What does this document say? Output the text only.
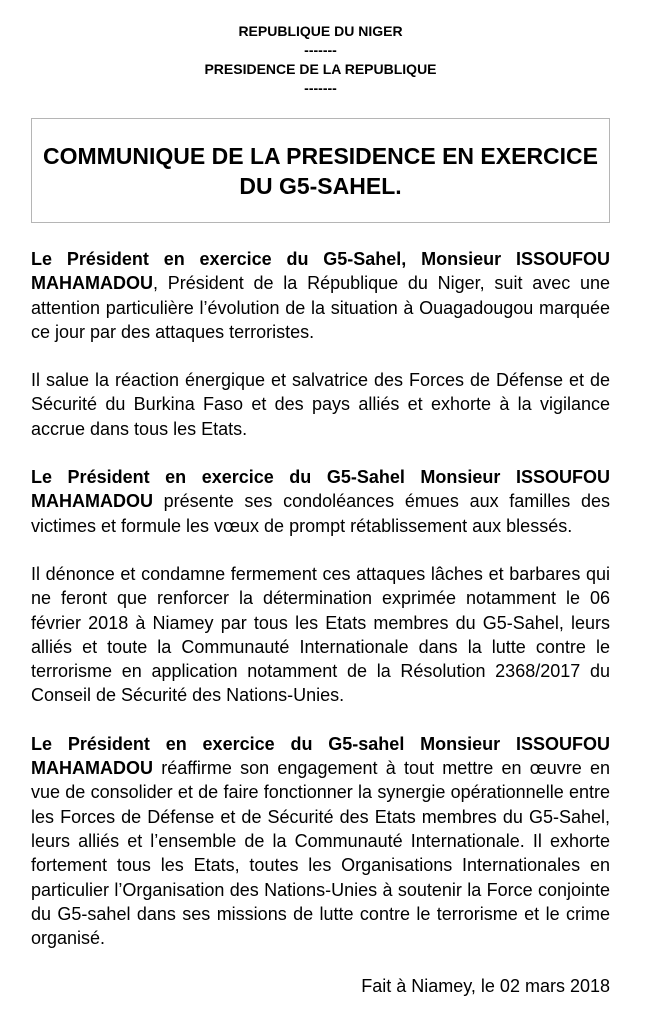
REPUBLIQUE DU NIGER
-------
PRESIDENCE DE LA REPUBLIQUE
-------
COMMUNIQUE DE LA PRESIDENCE EN EXERCICE
DU G5-SAHEL.

Le Président en exercice du G5-Sahel, Monsieur ISSOUFOU MAHAMADOU, Président de la République du Niger, suit avec une attention particulière l’évolution de la situation à Ouagadougou marquée ce jour par des attaques terroristes.

Il salue la réaction énergique et salvatrice des Forces de Défense et de Sécurité du Burkina Faso et des pays alliés et exhorte à la vigilance accrue dans tous les Etats.

Le Président en exercice du G5-Sahel Monsieur ISSOUFOU MAHAMADOU présente ses condoléances émues aux familles des victimes et formule les vœux de prompt rétablissement aux blessés.

Il dénonce et condamne fermement ces attaques lâches et barbares qui ne feront que renforcer la détermination exprimée notamment le 06 février 2018 à Niamey par tous les Etats membres du G5-Sahel, leurs alliés et toute la Communauté Internationale dans la lutte contre le terrorisme en application notamment de la Résolution 2368/2017 du Conseil de Sécurité des Nations-Unies.

Le Président en exercice du G5-sahel Monsieur ISSOUFOU MAHAMADOU réaffirme son engagement à tout mettre en œuvre en vue de consolider et de faire fonctionner la synergie opérationnelle entre les Forces de Défense et de Sécurité des Etats membres du G5-Sahel, leurs alliés et l’ensemble de la Communauté Internationale. Il exhorte fortement tous les Etats, toutes les Organisations Internationales en particulier l’Organisation des Nations-Unies à soutenir la Force conjointe du G5-sahel dans ses missions de lutte contre le terrorisme et le crime organisé.

Fait à Niamey, le 02 mars 2018
